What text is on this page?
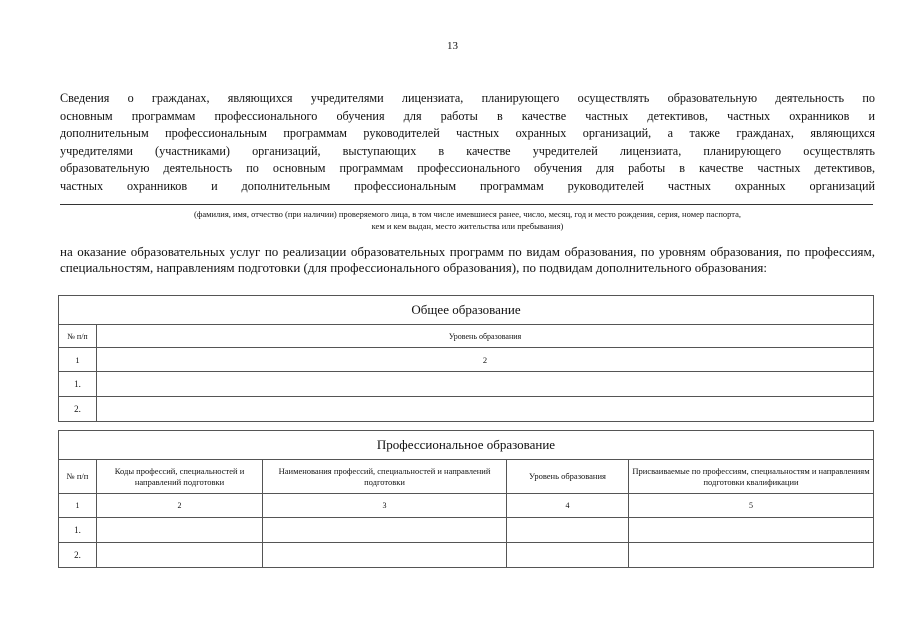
13

Сведения о гражданах, являющихся учредителями лицензиата, планирующего осуществлять образовательную деятельность по
основным программам профессионального обучения для работы в качестве частных детективов, частных охранников и
дополнительным профессиональным программам руководителей частных охранных организаций, а также гражданах, являющихся
учредителями (участниками) организаций, выступающих в качестве учредителей лицензиата, планирующего осуществлять
образовательную деятельность по основным программам профессионального обучения для работы в качестве частных детективов,
частных охранников и дополнительным профессиональным программам руководителей частных охранных организаций

(фамилия, имя, отчество (при наличии) проверяемого лица, в том числе имевшиеся ранее, число, месяц, год и место рождения, серия, номер паспорта,
кем и кем выдан, место жительства или пребывания)

на оказание образовательных услуг по реализации образовательных программ по видам образования, по уровням образования, по профессиям, специальностям, направлениям подготовки (для профессионального образования), по подвидам дополнительного образования:

Общее образование	
№ п/п	Уровень образования
1	2
1.	
2.	
Профессиональное образование				
№ п/п	Коды профессий, специальностей и направлений подготовки	Наименования профессий, специальностей и направлений подготовки	Уровень образования	Присваиваемые по профессиям, специальностям и направлениям подготовки квалификации
1	2	3	4	5
1.				
2.				
